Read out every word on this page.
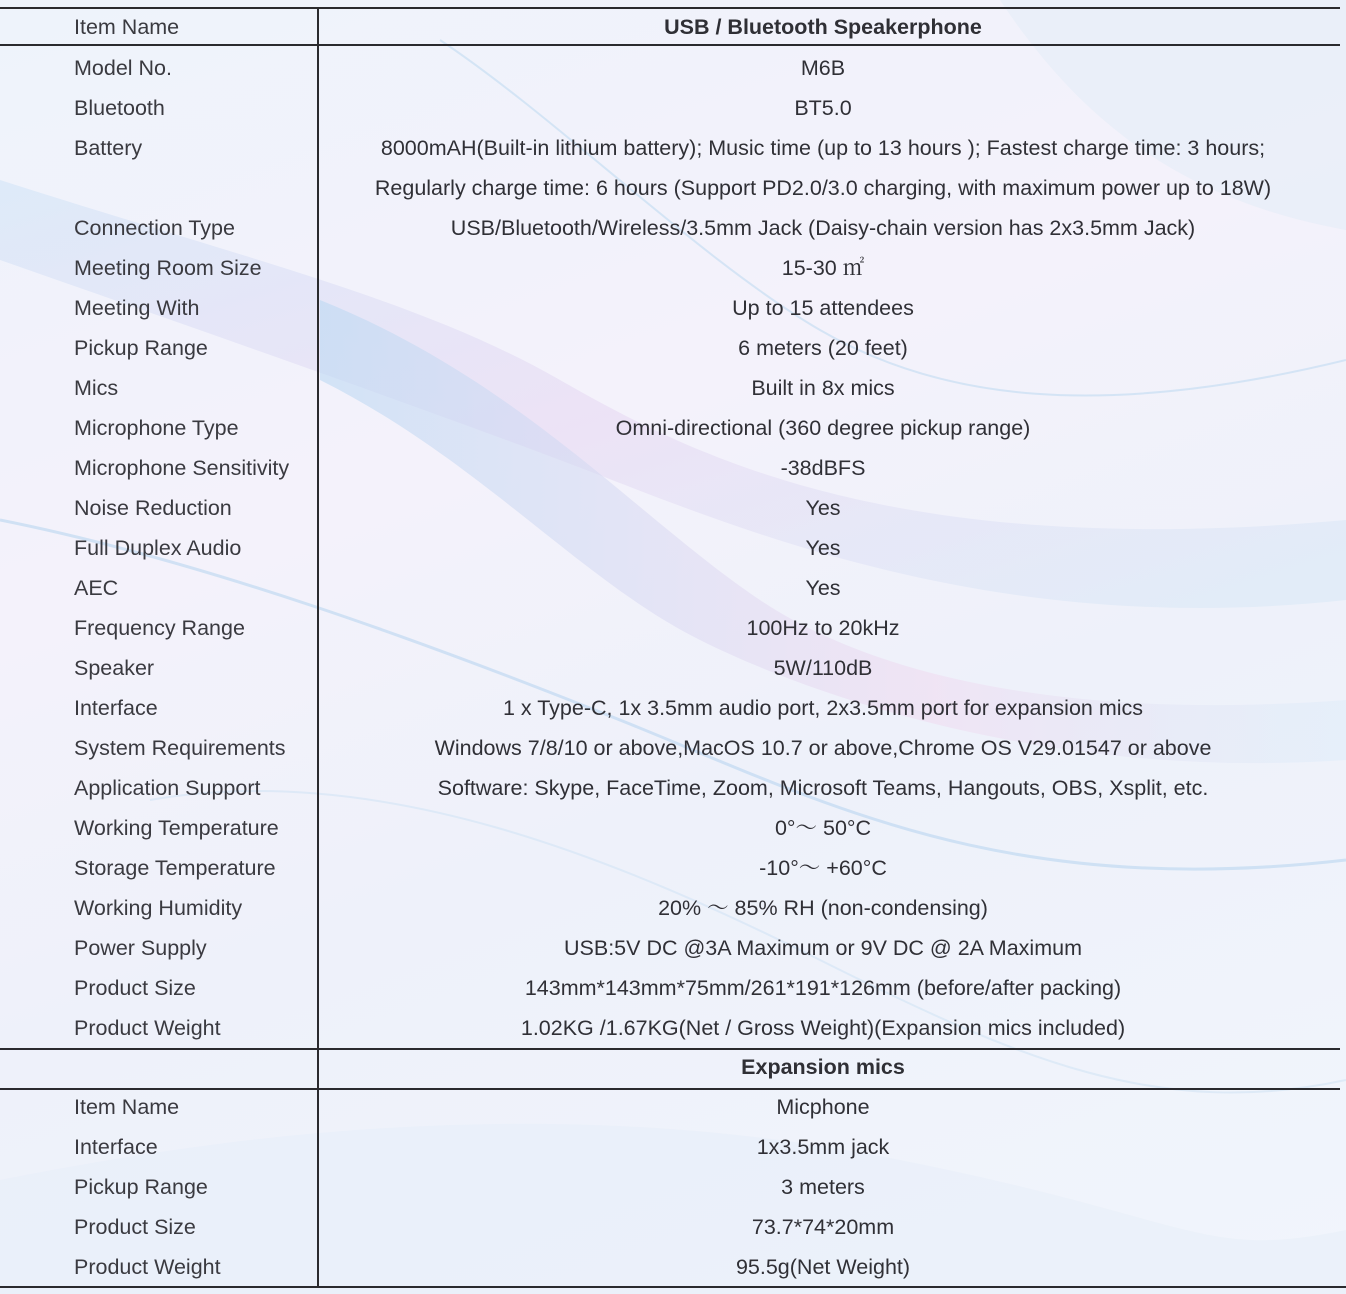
Item Name	USB / Bluetooth Speakerphone
Model No.	M6B
Bluetooth	BT5.0
Battery	8000mAH(Built-in lithium battery); Music time (up to 13 hours ); Fastest charge time: 3 hours;
Regularly charge time: 6 hours (Support PD2.0/3.0 charging, with maximum power up to 18W)
Connection Type	USB/Bluetooth/Wireless/3.5mm Jack (Daisy-chain version has 2x3.5mm Jack)
Meeting Room Size	15-30 ㎡
Meeting With	Up to 15 attendees
Pickup Range	6 meters (20 feet)
Mics	Built in 8x mics
Microphone Type	Omni-directional (360 degree pickup range)
Microphone Sensitivity	-38dBFS
Noise Reduction	Yes
Full Duplex Audio	Yes
AEC	Yes
Frequency Range	100Hz to 20kHz
Speaker	5W/110dB
Interface	1 x Type-C, 1x 3.5mm audio port, 2x3.5mm port for expansion mics
System Requirements	Windows 7/8/10 or above,MacOS 10.7 or above,Chrome OS V29.01547 or above
Application Support	Software: Skype, FaceTime, Zoom, Microsoft Teams, Hangouts, OBS, Xsplit, etc.
Working Temperature	0°～ 50°C
Storage Temperature	-10°～ +60°C
Working Humidity	20% ～ 85% RH (non-condensing)
Power Supply	USB:5V DC @3A Maximum or 9V DC @ 2A Maximum
Product Size	143mm*143mm*75mm/261*191*126mm (before/after packing)
Product Weight	1.02KG /1.67KG(Net / Gross Weight)(Expansion mics included)
Expansion mics
Item Name	Micphone
Interface	1x3.5mm jack
Pickup Range	3 meters
Product Size	73.7*74*20mm
Product Weight	95.5g(Net Weight)
